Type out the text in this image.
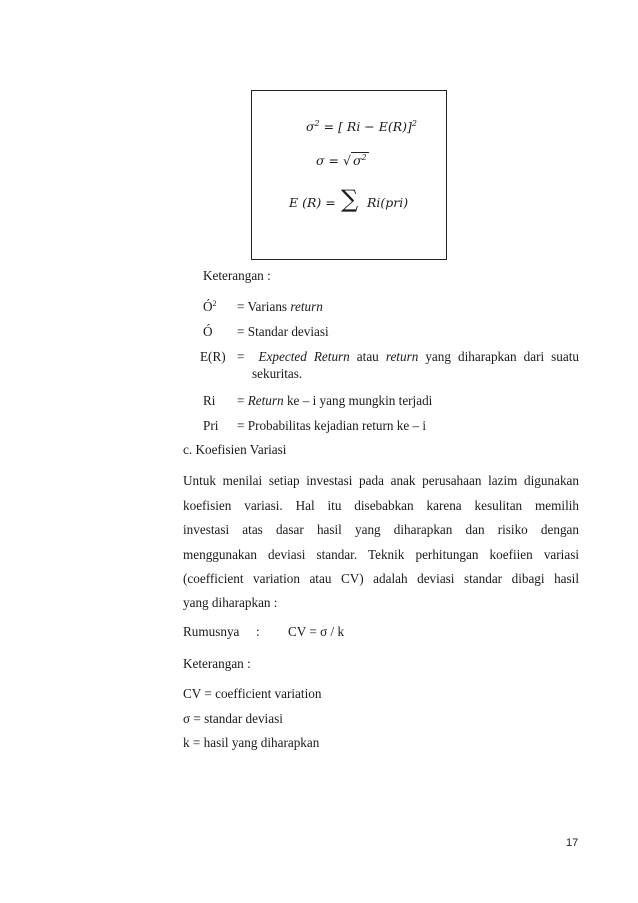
$\sigma^2$ = [ Ri − E(R)]$^2$
σ = √ $\sigma^2$
E (R) = ∑ Ri(pri)
Keterangan :
$Ó^2$ = Varians return
Ó = Standar deviasi
E(R) = Expected Return atau return yang diharapkan dari suatu
sekuritas.
Ri = Return ke – i yang mungkin terjadi
Pri = Probabilitas kejadian return ke – i
c. Koefisien Variasi
Untuk menilai setiap investasi pada anak perusahaan lazim digunakan
koefisien variasi. Hal itu disebabkan karena kesulitan memilih
investasi atas dasar hasil yang diharapkan dan risiko dengan
menggunakan deviasi standar. Teknik perhitungan koefiien variasi
(coefficient variation atau CV) adalah deviasi standar dibagi hasil
yang diharapkan :
Rumusnya : CV = σ / k
Keterangan :
CV = coefficient variation
σ = standar deviasi
k = hasil yang diharapkan
17
